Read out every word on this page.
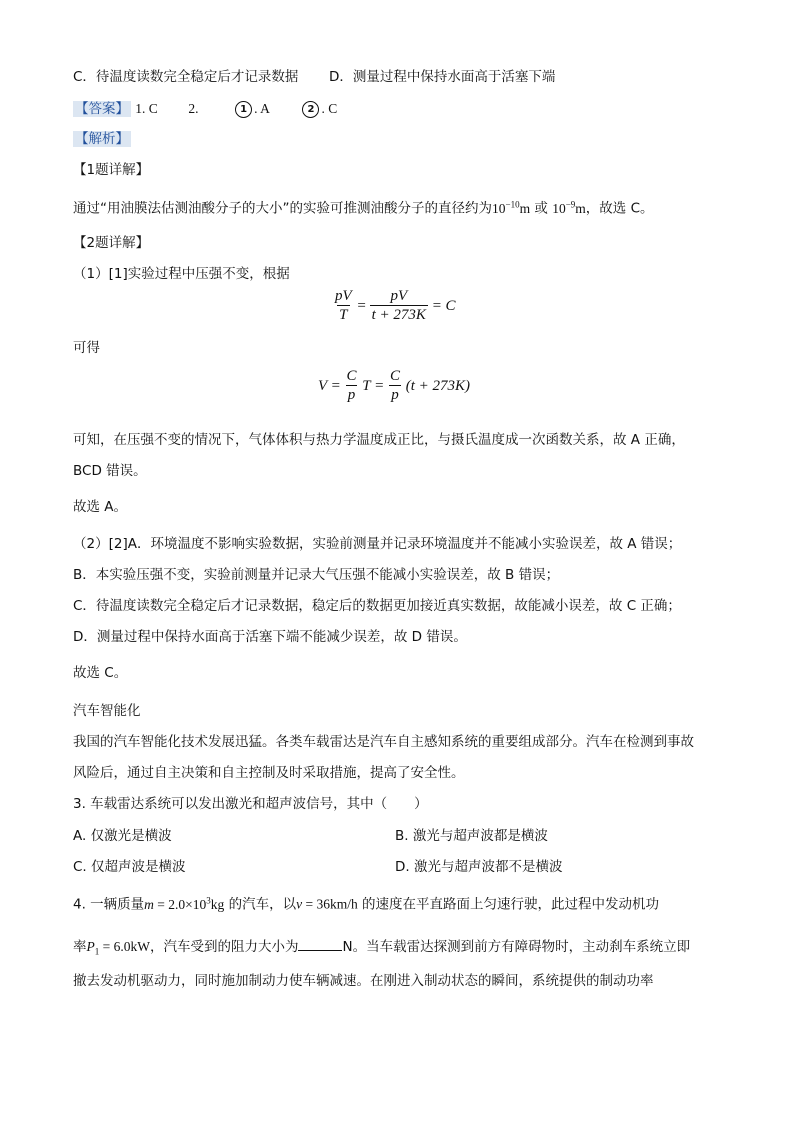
C．待温度读数完全稳定后才记录数据 D．测量过程中保持水面高于活塞下端
【答案】 1. C 2.	1 . A	2 . C
【解析】
【1题详解】
通过“用油膜法估测油酸分子的大小”的实验可推测油酸分子的直径约为$10^{-10}m$ 或 $10^{-9}m$，故选 C。
【2题详解】
（1）[1]实验过程中压强不变，根据
$\frac{pV}{T} = \frac{pV}{t + 273K} = C$
可得
$V = \frac{C}{p}$ $T = \frac{C}{p} (t + 273K)$
可知，在压强不变的情况下，气体体积与热力学温度成正比，与摄氏温度成一次函数关系，故 A 正确，
BCD 错误。
故选 A。
（2）[2]A．环境温度不影响实验数据，实验前测量并记录环境温度并不能减小实验误差，故 A 错误；
B．本实验压强不变，实验前测量并记录大气压强不能减小实验误差，故 B 错误；
C．待温度读数完全稳定后才记录数据，稳定后的数据更加接近真实数据，故能减小误差，故 C 正确；
D．测量过程中保持水面高于活塞下端不能减少误差，故 D 错误。
故选 C。
汽车智能化
我国的汽车智能化技术发展迅猛。各类车载雷达是汽车自主感知系统的重要组成部分。汽车在检测到事故
风险后，通过自主决策和自主控制及时采取措施，提高了安全性。
3. 车载雷达系统可以发出激光和超声波信号，其中（　　）
A. 仅激光是横波	B. 激光与超声波都是横波
C. 仅超声波是横波	D. 激光与超声波都不是横波
4. 一辆质量$m = 2.0\times 10^3kg$ 的汽车，以v = 36km/h 的速度在平直路面上匀速行驶，此过程中发动机功
率$P_1 = 6.0kW$，汽车受到的阻力大小为	N。当车载雷达探测到前方有障碍物时，主动刹车系统立即
撤去发动机驱动力，同时施加制动力使车辆减速。在刚进入制动状态的瞬间，系统提供的制动功率
